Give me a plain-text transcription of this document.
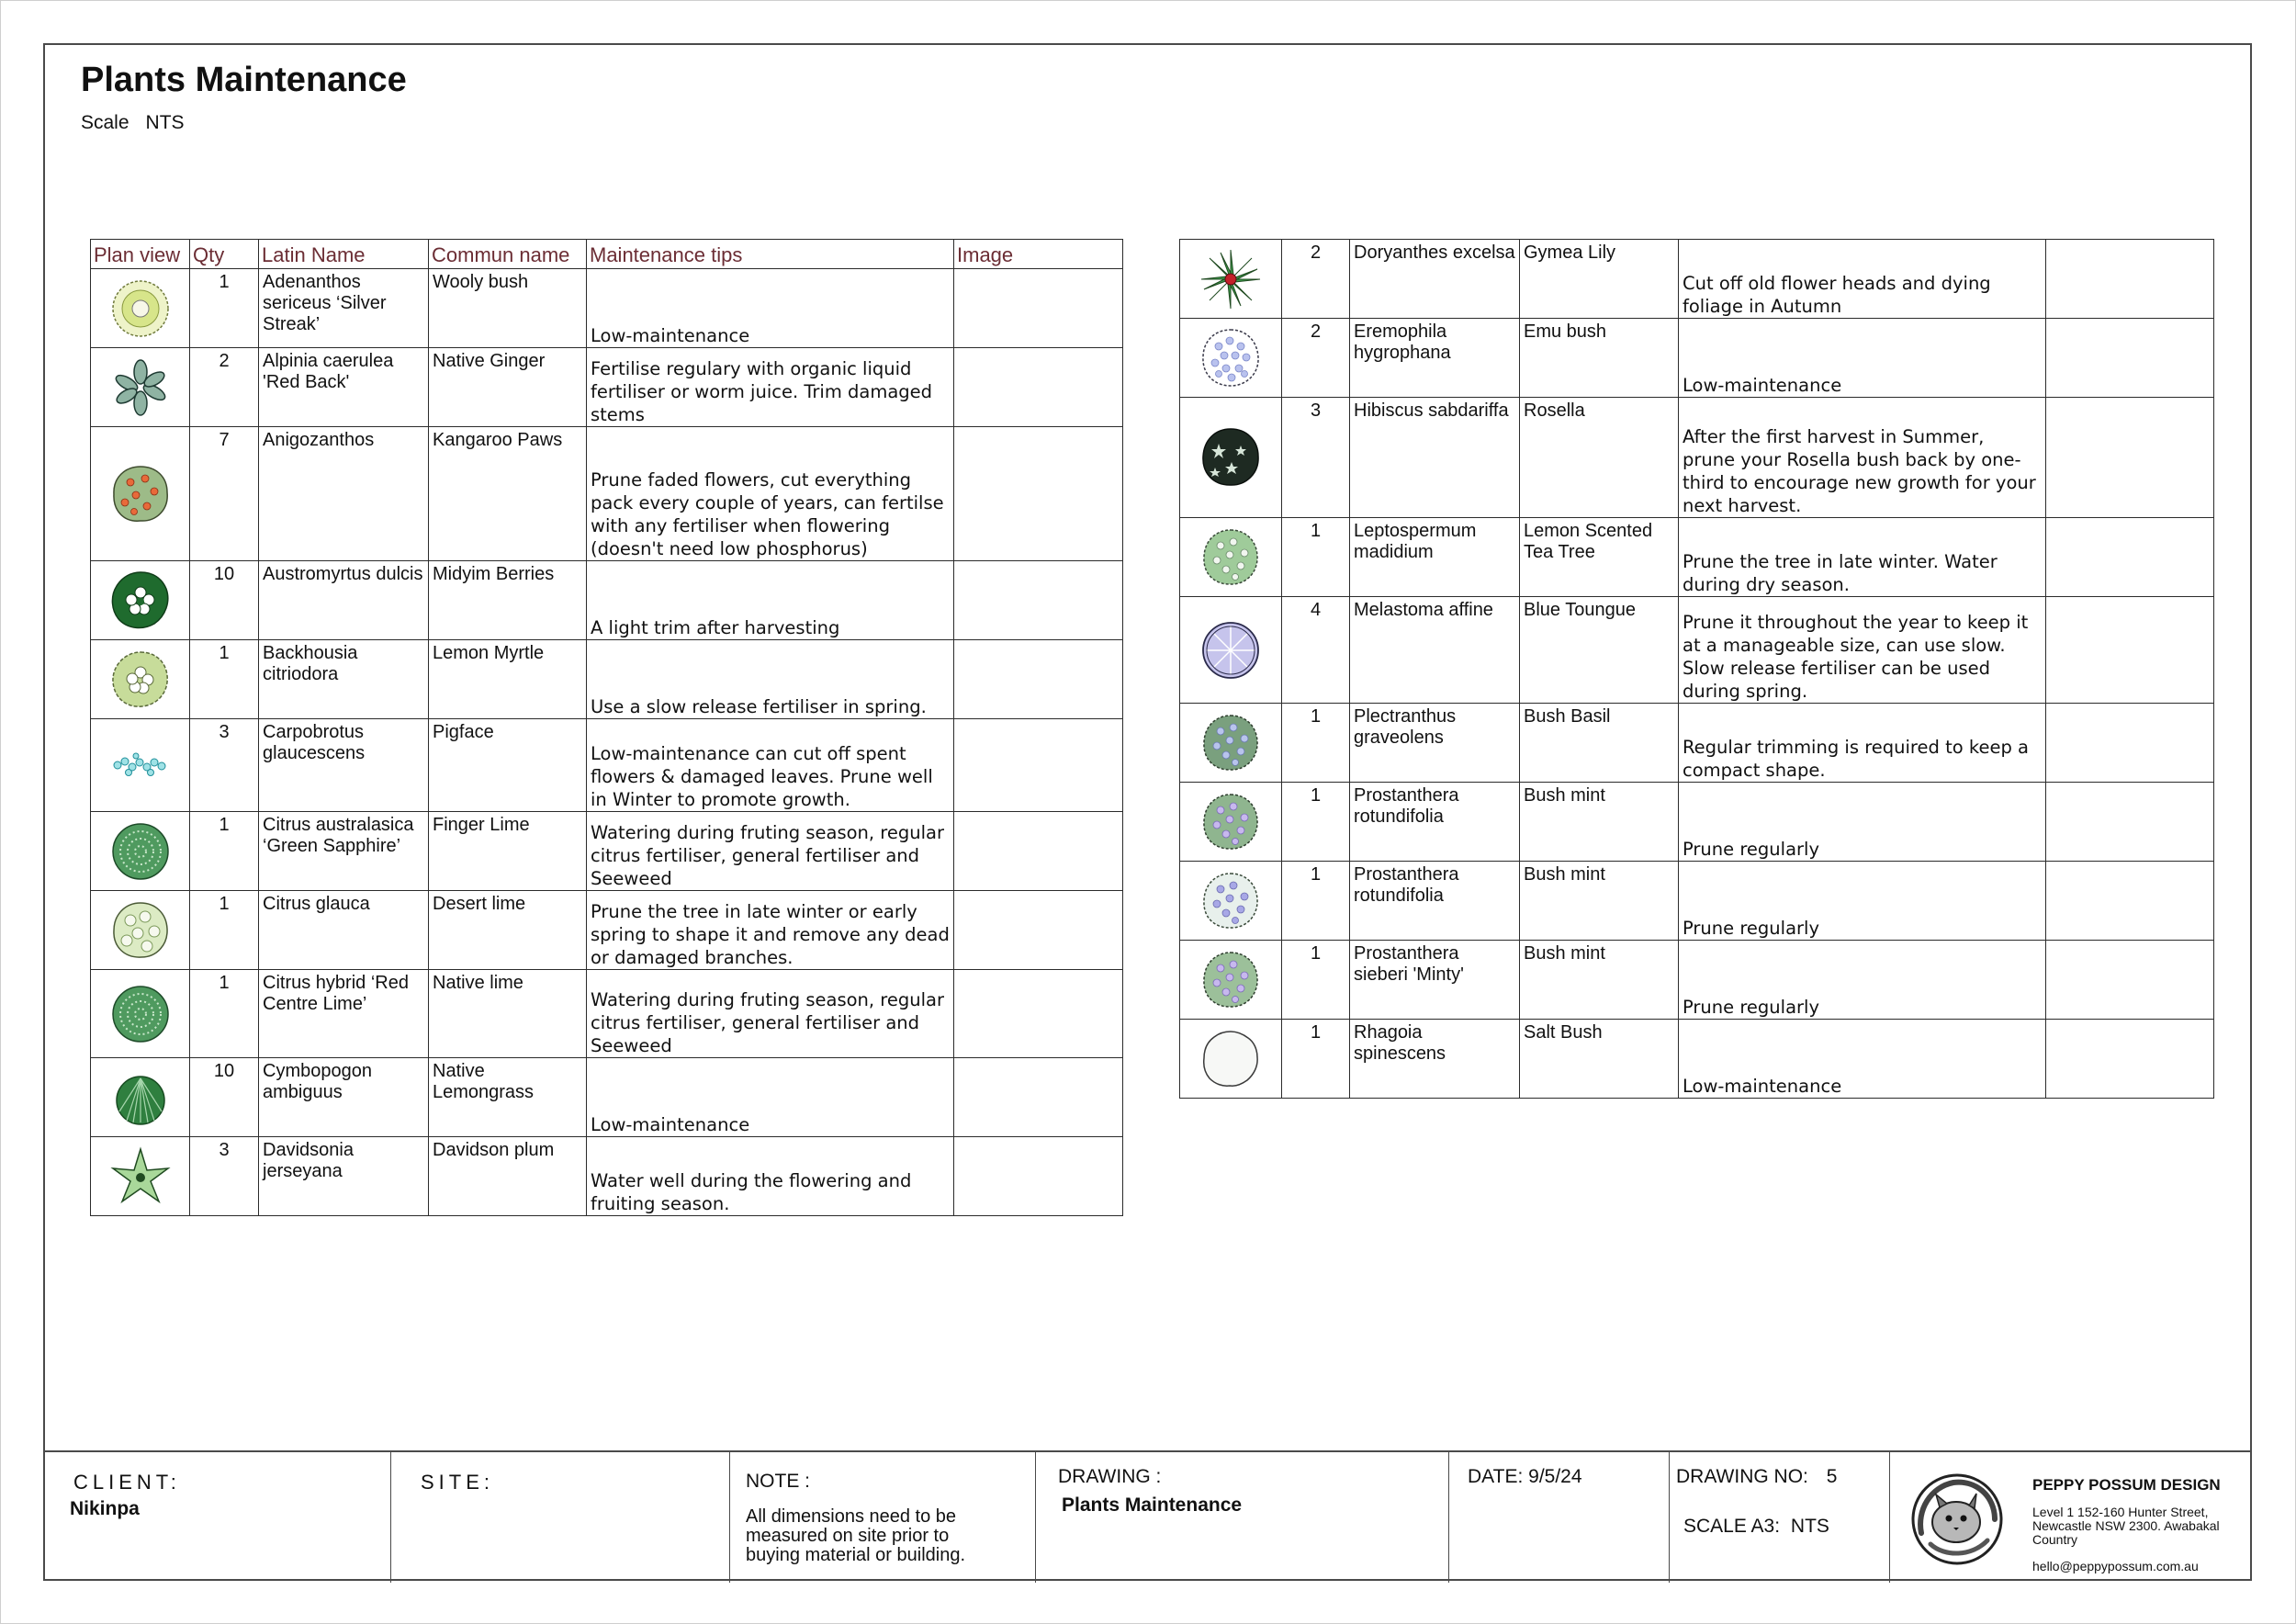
Plants Maintenance
Scale NTS
Plan view	Qty	Latin Name	Commun name	Maintenance tips	Image

	1	Adenanthos sericeus ‘Silver Streak’	Wooly bush	Low-maintenance	

	2	Alpinia caerulea 'Red Back'	Native Ginger	Fertilise regulary with organic liquid fertiliser or worm juice. Trim damaged stems	

	7	Anigozanthos	Kangaroo Paws	Prune faded flowers, cut everything pack every couple of years, can fertilse with any fertiliser when flowering (doesn't need low phosphorus)	

	10	Austromyrtus dulcis	Midyim Berries	A light trim after harvesting	

	1	Backhousia citriodora	Lemon Myrtle	Use a slow release fertiliser in spring.	

	3	Carpobrotus glaucescens	Pigface	Low-maintenance can cut off spent flowers & damaged leaves. Prune well in Winter to promote growth.	

	1	Citrus australasica ‘Green Sapphire’	Finger Lime	Watering during fruting season, regular citrus fertiliser, general fertiliser and Seeweed	

	1	Citrus glauca	Desert lime	Prune the tree in late winter or early spring to shape it and remove any dead or damaged branches.	

	1	Citrus hybrid ‘Red Centre Lime’	Native lime	Watering during fruting season, regular citrus fertiliser, general fertiliser and Seeweed	

	10	Cymbopogon ambiguus	Native Lemongrass	Low-maintenance	

	3	Davidsonia jerseyana	Davidson plum	Water well during the flowering and fruiting season.	
	2	Doryanthes excelsa	Gymea Lily	Cut off old flower heads and dying foliage in Autumn	

	2	Eremophila hygrophana	Emu bush	Low-maintenance	

	3	Hibiscus sabdariffa	Rosella	After the first harvest in Summer, prune your Rosella bush back by one-third to encourage new growth for your next harvest.	

	1	Leptospermum madidium	Lemon Scented Tea Tree	Prune the tree in late winter. Water during dry season.	

	4	Melastoma affine	Blue Toungue	Prune it throughout the year to keep it at a manageable size, can use slow. Slow release fertiliser can be used during spring.	

	1	Plectranthus graveolens	Bush Basil	Regular trimming is required to keep a compact shape.	

	1	Prostanthera rotundifolia	Bush mint	Prune regularly	

	1	Prostanthera rotundifolia	Bush mint	Prune regularly	

	1	Prostanthera sieberi 'Minty'	Bush mint	Prune regularly	

	1	Rhagoia spinescens	Salt Bush	Low-maintenance	
CLIENT:
Nikinpa
SITE:	NOTE :
All dimensions need to be measured on site prior to buying material or building.
DRAWING :
Plants Maintenance
DATE: 9/5/24	DRAWING NO: 5
SCALE A3: NTS
PEPPY POSSUM DESIGN
Level 1 152-160 Hunter Street, Newcastle NSW 2300. Awabakal Country
hello@peppypossum.com.au
